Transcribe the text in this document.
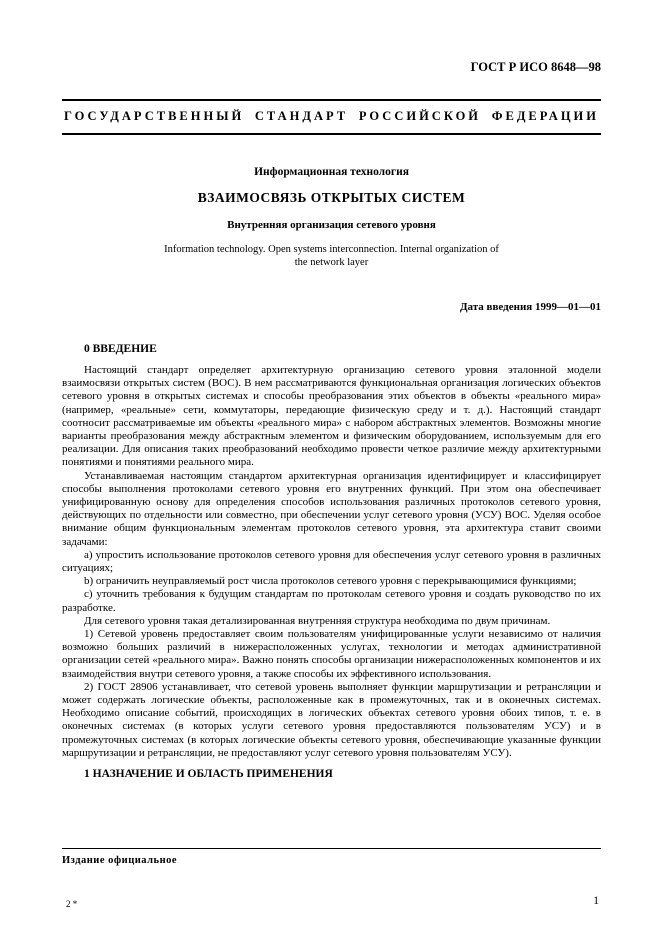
ГОСТ Р ИСО 8648—98
ГОСУДАРСТВЕННЫЙ СТАНДАРТ РОССИЙСКОЙ ФЕДЕРАЦИИ
Информационная технология
ВЗАИМОСВЯЗЬ ОТКРЫТЫХ СИСТЕМ
Внутренняя организация сетевого уровня
Information technology. Open systems interconnection. Internal organization of the network layer
Дата введения 1999—01—01
0 ВВЕДЕНИЕ

Настоящий стандарт определяет архитектурную организацию сетевого уровня эталонной модели взаимосвязи открытых систем (ВОС). В нем рассматриваются функциональная организация логических объектов сетевого уровня в открытых системах и способы преобразования этих объектов в объекты «реального мира» (например, «реальные» сети, коммутаторы, передающие физическую среду и т. д.). Настоящий стандарт соотносит рассматриваемые им объекты «реального мира» с набором абстрактных элементов. Возможны многие варианты преобразования между абстрактным элементом и физическим оборудованием, используемым для его реализации. Для описания таких преобразований необходимо провести четкое различие между архитектурными понятиями и понятиями реального мира.

Устанавливаемая настоящим стандартом архитектурная организация идентифицирует и классифицирует способы выполнения протоколами сетевого уровня его внутренних функций. При этом она обеспечивает унифицированную основу для определения способов использования различных протоколов сетевого уровня, действующих по отдельности или совместно, при обеспечении услуг сетевого уровня (УСУ) ВОС. Уделяя особое внимание общим функциональным элементам протоколов сетевого уровня, эта архитектура ставит своими задачами:

a) упростить использование протоколов сетевого уровня для обеспечения услуг сетевого уровня в различных ситуациях;

b) ограничить неуправляемый рост числа протоколов сетевого уровня с перекрывающимися функциями;

c) уточнить требования к будущим стандартам по протоколам сетевого уровня и создать руководство по их разработке.

Для сетевого уровня такая детализированная внутренняя структура необходима по двум причинам.

1) Сетевой уровень предоставляет своим пользователям унифицированные услуги независимо от наличия возможно больших различий в нижерасположенных услугах, технологии и методах административной организации сетей «реального мира». Важно понять способы организации нижерасположенных компонентов и их взаимодействия внутри сетевого уровня, а также способы их эффективного использования.

2) ГОСТ 28906 устанавливает, что сетевой уровень выполняет функции маршрутизации и ретрансляции и может содержать логические объекты, расположенные как в промежуточных, так и в оконечных системах. Необходимо описание событий, происходящих в логических объектах сетевого уровня обоих типов, т. е. в оконечных системах (в которых услуги сетевого уровня предоставляются пользователям УСУ) и в промежуточных системах (в которых логические объекты сетевого уровня, обеспечивающие указанные функции маршрутизации и ретрансляции, не предоставляют услуг сетевого уровня пользователям УСУ).

1 НАЗНАЧЕНИЕ И ОБЛАСТЬ ПРИМЕНЕНИЯ
Издание официальное
2 *	1
